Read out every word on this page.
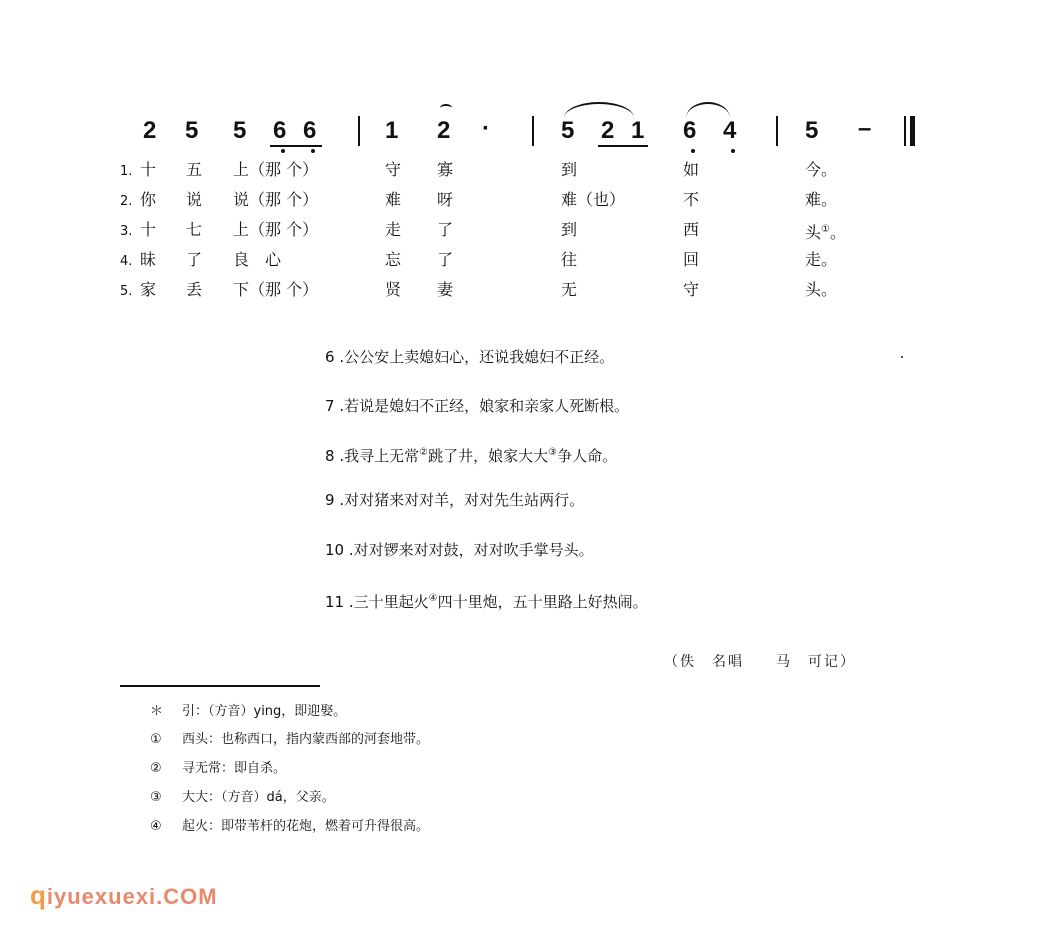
2 5 5 6 6	1 2 ·	5 2 1 6 4	5 –
1. 十 五 上（那 个）	守 寡	到	如	今。
2. 你 说 说（那 个）	难 呀	难（也）	不	难。
3. 十 七 上（那 个）	走 了	到	西	头①。
4. 昧 了 良　心	忘 了	往	回	走。
5. 家 丢 下（那 个）	贤 妻	无	守	头。
6 .公公安上卖媳妇心，还说我媳妇不正经。
7 .若说是媳妇不正经，娘家和亲家人死断根。
8 .我寻上无常②跳了井，娘家大大③争人命。
9 .对对猪来对对羊，对对先生站两行。
10 .对对锣来对对鼓，对对吹手掌号头。
11 .三十里起火④四十里炮，五十里路上好热闹。
（佚　名唱　　马　可记）
＊ 引：（方音）ying，即迎娶。
① 西头：也称西口，指内蒙西部的河套地带。
② 寻无常：即自杀。
③ 大大：（方音）dá，父亲。
④ 起火：即带苇杆的花炮，燃着可升得很高。
qiyuexuexi.COM
